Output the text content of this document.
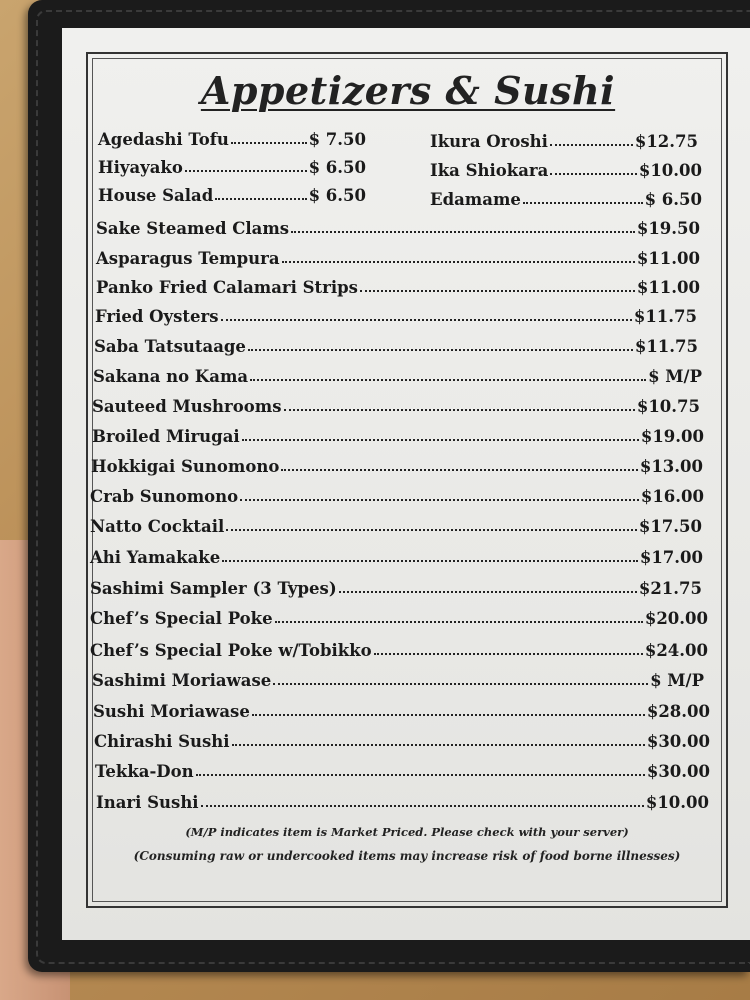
Appetizers & Sushi
Agedashi Tofu	$ 7.50
Hiyayako	$ 6.50
House Salad	$ 6.50
Ikura Oroshi	$12.75
Ika Shiokara	$10.00
Edamame	$ 6.50
Sake Steamed Clams	$19.50
Asparagus Tempura	$11.00
Panko Fried Calamari Strips	$11.00
Fried Oysters	$11.75
Saba Tatsutaage	$11.75
Sakana no Kama	$ M/P
Sauteed Mushrooms	$10.75
Broiled Mirugai	$19.00
Hokkigai Sunomono	$13.00
Crab Sunomono	$16.00
Natto Cocktail	$17.50
Ahi Yamakake	$17.00
Sashimi Sampler (3 Types)	$21.75
Chef’s Special Poke	$20.00
Chef’s Special Poke w/Tobikko	$24.00
Sashimi Moriawase	$ M/P
Sushi Moriawase	$28.00
Chirashi Sushi	$30.00
Tekka-Don	$30.00
Inari Sushi	$10.00
(M/P indicates item is Market Priced. Please check with your server)
(Consuming raw or undercooked items may increase risk of food borne illnesses)
